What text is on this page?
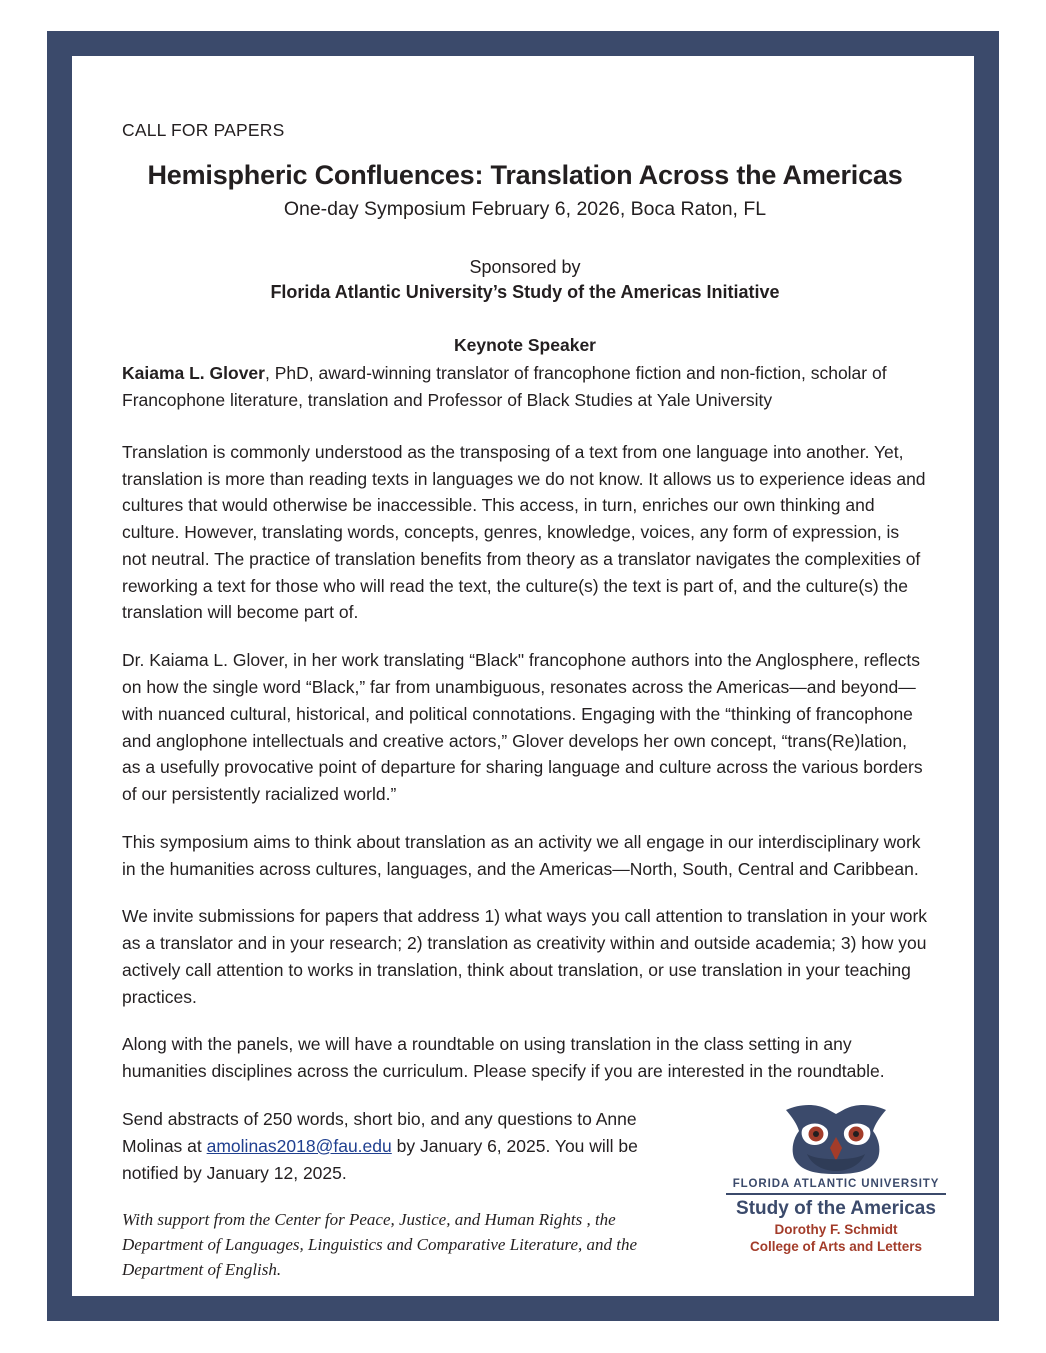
CALL FOR PAPERS
Hemispheric Confluences: Translation Across the Americas
One-day Symposium February 6, 2026, Boca Raton, FL
Sponsored by
Florida Atlantic University’s Study of the Americas Initiative
Keynote Speaker
Kaiama L. Glover, PhD, award-winning translator of francophone fiction and non-fiction, scholar of Francophone literature, translation and Professor of Black Studies at Yale University

Translation is commonly understood as the transposing of a text from one language into another. Yet, translation is more than reading texts in languages we do not know. It allows us to experience ideas and cultures that would otherwise be inaccessible. This access, in turn, enriches our own thinking and culture. However, translating words, concepts, genres, knowledge, voices, any form of expression, is not neutral. The practice of translation benefits from theory as a translator navigates the complexities of reworking a text for those who will read the text, the culture(s) the text is part of, and the culture(s) the translation will become part of.

Dr. Kaiama L. Glover, in her work translating “Black" francophone authors into the Anglosphere, reflects on how the single word “Black,” far from unambiguous, resonates across the Americas—and beyond—with nuanced cultural, historical, and political connotations. Engaging with the “thinking of francophone and anglophone intellectuals and creative actors,” Glover develops her own concept, “trans(Re)lation, as a usefully provocative point of departure for sharing language and culture across the various borders of our persistently racialized world.”

This symposium aims to think about translation as an activity we all engage in our interdisciplinary work in the humanities across cultures, languages, and the Americas—North, South, Central and Caribbean.

We invite submissions for papers that address 1) what ways you call attention to translation in your work as a translator and in your research; 2) translation as creativity within and outside academia; 3) how you actively call attention to works in translation, think about translation, or use translation in your teaching practices.

Along with the panels, we will have a roundtable on using translation in the class setting in any humanities disciplines across the curriculum. Please specify if you are interested in the roundtable.

Send abstracts of 250 words, short bio, and any questions to Anne Molinas at amolinas2018@fau.edu by January 6, 2025. You will be notified by January 12, 2025.

With support from the Center for Peace, Justice, and Human Rights , the Department of Languages, Linguistics and Comparative Literature, and the Department of English.
FLORIDA ATLANTIC UNIVERSITY
Study of the Americas
Dorothy F. Schmidt
College of Arts and Letters
